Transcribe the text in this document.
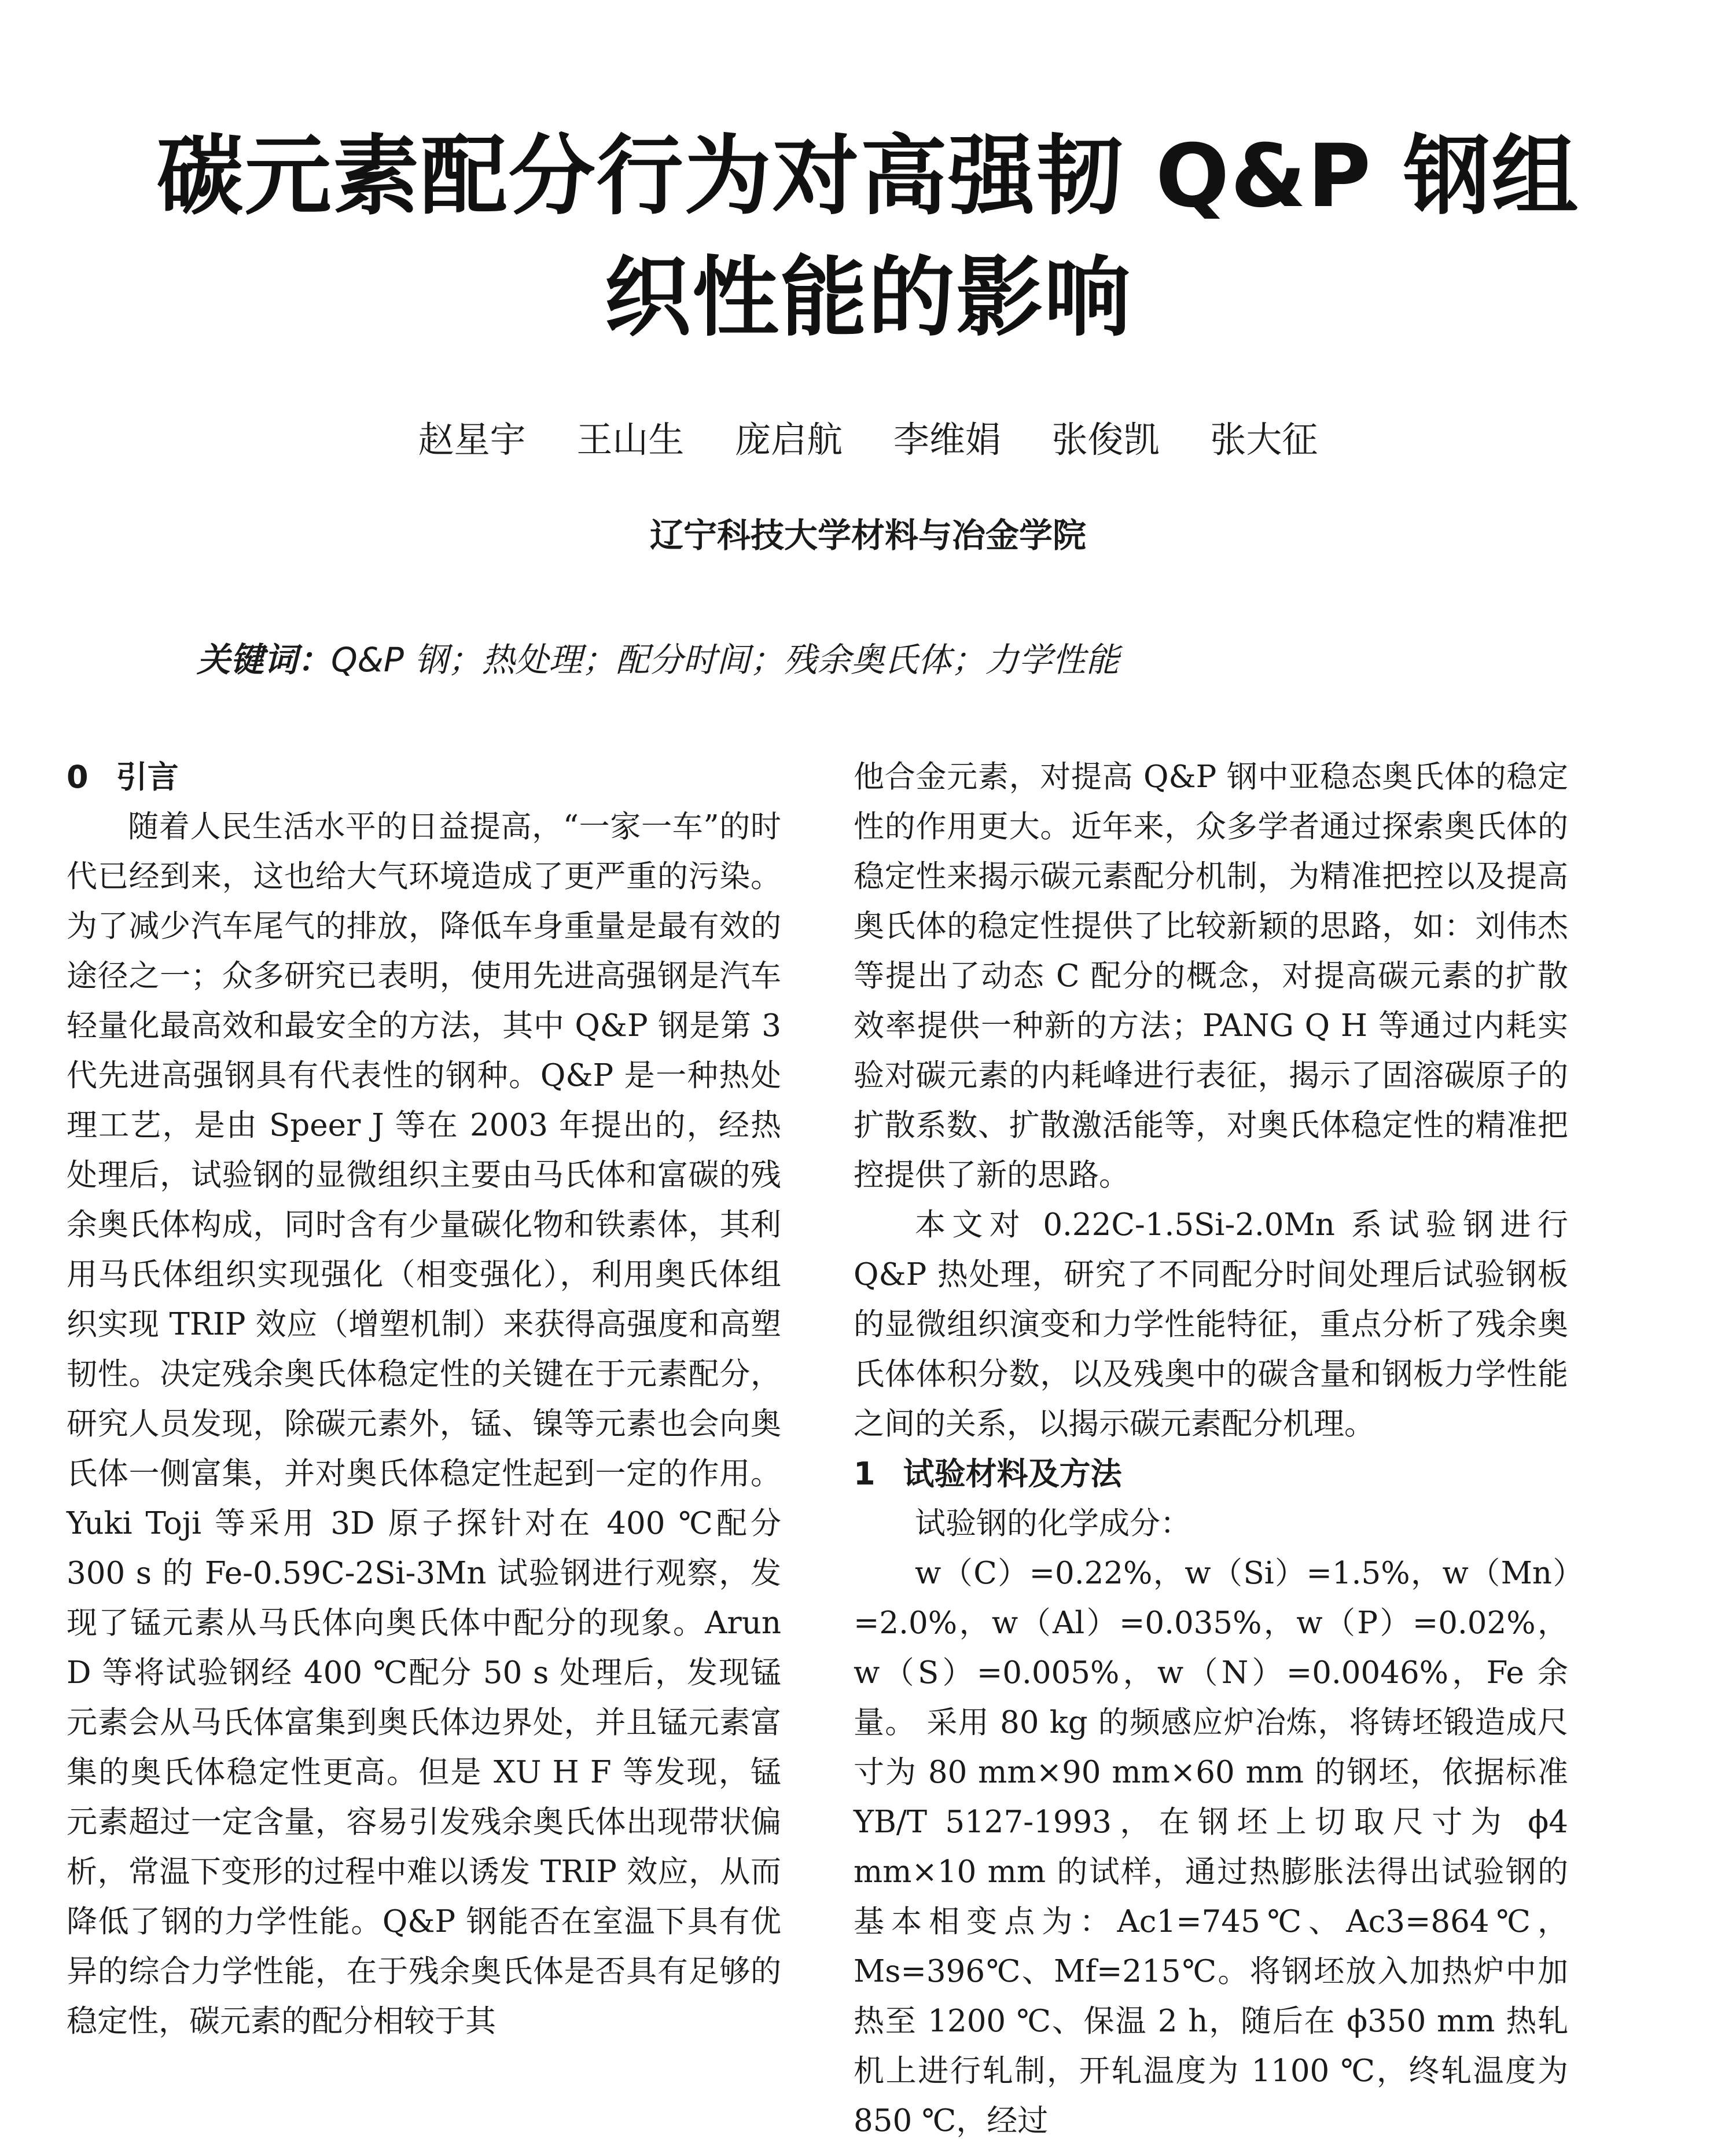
碳元素配分行为对高强韧 Q&P 钢组
织性能的影响
赵星宇 王山生 庞启航 李维娟 张俊凯 张大征
辽宁科技大学材料与冶金学院
关键词：Q&P 钢；热处理；配分时间；残余奥氏体；力学性能
0 引言

随着人民生活水平的日益提高，“一家一车”的时代已经到来，这也给大气环境造成了更严重的污染。为了减少汽车尾气的排放，降低车身重量是最有效的途径之一；众多研究已表明，使用先进高强钢是汽车轻量化最高效和最安全的方法，其中 Q&P 钢是第 3 代先进高强钢具有代表性的钢种。Q&P 是一种热处理工艺，是由 Speer J 等在 2003 年提出的，经热处理后，试验钢的显微组织主要由马氏体和富碳的残余奥氏体构成，同时含有少量碳化物和铁素体，其利用马氏体组织实现强化（相变强化），利用奥氏体组织实现 TRIP 效应（增塑机制）来获得高强度和高塑韧性。决定残余奥氏体稳定性的关键在于元素配分，研究人员发现，除碳元素外，锰、镍等元素也会向奥氏体一侧富集，并对奥氏体稳定性起到一定的作用。Yuki Toji 等采用 3D 原子探针对在 400 ℃配分 300 s 的 Fe-0.59C-2Si-3Mn 试验钢进行观察，发现了锰元素从马氏体向奥氏体中配分的现象。Arun D 等将试验钢经 400 ℃配分 50 s 处理后，发现锰元素会从马氏体富集到奥氏体边界处，并且锰元素富集的奥氏体稳定性更高。但是 XU H F 等发现，锰元素超过一定含量，容易引发残余奥氏体出现带状偏析，常温下变形的过程中难以诱发 TRIP 效应，从而降低了钢的力学性能。Q&P 钢能否在室温下具有优异的综合力学性能，在于残余奥氏体是否具有足够的稳定性，碳元素的配分相较于其

他合金元素，对提高 Q&P 钢中亚稳态奥氏体的稳定性的作用更大。近年来，众多学者通过探索奥氏体的稳定性来揭示碳元素配分机制，为精准把控以及提高奥氏体的稳定性提供了比较新颖的思路，如：刘伟杰等提出了动态 C 配分的概念，对提高碳元素的扩散效率提供一种新的方法；PANG Q H 等通过内耗实验对碳元素的内耗峰进行表征，揭示了固溶碳原子的扩散系数、扩散激活能等，对奥氏体稳定性的精准把控提供了新的思路。

本文对 0.22C-1.5Si-2.0Mn 系试验钢进行 Q&P 热处理，研究了不同配分时间处理后试验钢板的显微组织演变和力学性能特征，重点分析了残余奥氏体体积分数，以及残奥中的碳含量和钢板力学性能之间的关系，以揭示碳元素配分机理。

1 试验材料及方法

试验钢的化学成分：

w（C）=0.22%，w（Si）=1.5%，w（Mn）=2.0%，w（Al）=0.035%，w（P）=0.02%，w（S）=0.005%，w（N）=0.0046%，Fe 余 量。 采用 80 kg 的频感应炉冶炼，将铸坯锻造成尺寸为 80 mm×90 mm×60 mm 的钢坯，依据标准 YB/T 5127-1993，在钢坯上切取尺寸为 ϕ4 mm×10 mm 的试样，通过热膨胀法得出试验钢的基本相变点为：Ac1=745℃、Ac3=864℃，Ms=396℃、Mf=215℃。将钢坯放入加热炉中加热至 1200 ℃、保温 2 h，随后在 ϕ350 mm 热轧机上进行轧制，开轧温度为 1100 ℃，终轧温度为 850 ℃，经过
